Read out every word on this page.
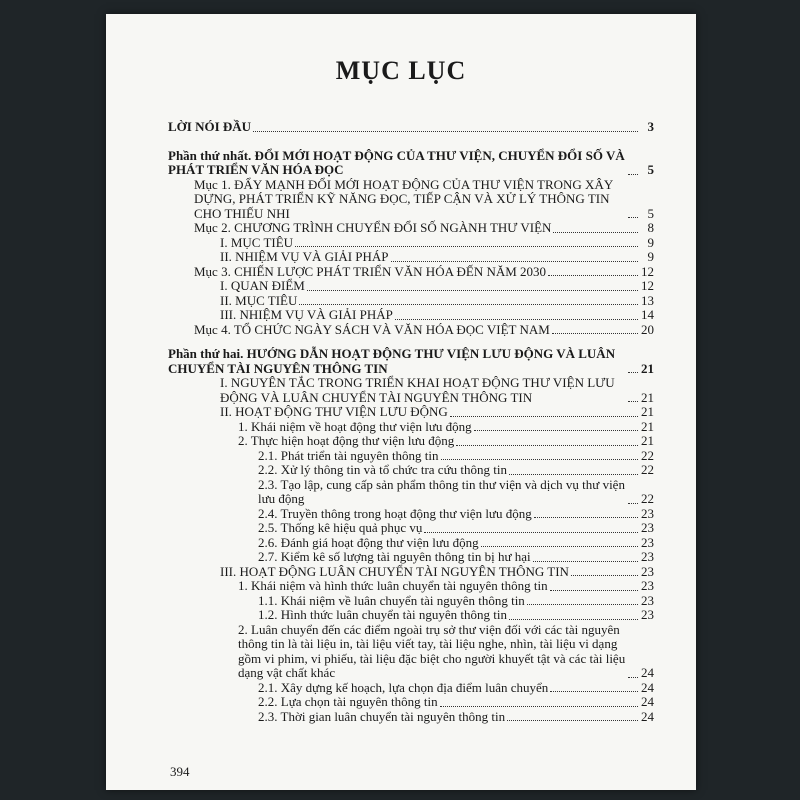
MỤC LỤC
LỜI NÓI ĐẦU	3
Phần thứ nhất. ĐỔI MỚI HOẠT ĐỘNG CỦA THƯ VIỆN, CHUYỂN ĐỔI SỐ VÀ PHÁT TRIỂN VĂN HÓA ĐỌC	5
Mục 1. ĐẨY MẠNH ĐỔI MỚI HOẠT ĐỘNG CỦA THƯ VIỆN TRONG XÂY DỰNG, PHÁT TRIỂN KỸ NĂNG ĐỌC, TIẾP CẬN VÀ XỬ LÝ THÔNG TIN CHO THIẾU NHI	5
Mục 2. CHƯƠNG TRÌNH CHUYỂN ĐỔI SỐ NGÀNH THƯ VIỆN	8
I. MỤC TIÊU	9
II. NHIỆM VỤ VÀ GIẢI PHÁP	9
Mục 3. CHIẾN LƯỢC PHÁT TRIỂN VĂN HÓA ĐẾN NĂM 2030	12
I. QUAN ĐIỂM	12
II. MỤC TIÊU	13
III. NHIỆM VỤ VÀ GIẢI PHÁP	14
Mục 4. TỔ CHỨC NGÀY SÁCH VÀ VĂN HÓA ĐỌC VIỆT NAM	20
Phần thứ hai. HƯỚNG DẪN HOẠT ĐỘNG THƯ VIỆN LƯU ĐỘNG VÀ LUÂN CHUYỂN TÀI NGUYÊN THÔNG TIN	21
I. NGUYÊN TẮC TRONG TRIỂN KHAI HOẠT ĐỘNG THƯ VIỆN LƯU ĐỘNG VÀ LUÂN CHUYỂN TÀI NGUYÊN THÔNG TIN	21
II. HOẠT ĐỘNG THƯ VIỆN LƯU ĐỘNG	21
1. Khái niệm về hoạt động thư viện lưu động	21
2. Thực hiện hoạt động thư viện lưu động	21
2.1. Phát triển tài nguyên thông tin	22
2.2. Xử lý thông tin và tổ chức tra cứu thông tin	22
2.3. Tạo lập, cung cấp sản phẩm thông tin thư viện và dịch vụ thư viện lưu động	22
2.4. Truyền thông trong hoạt động thư viện lưu động	23
2.5. Thống kê hiệu quả phục vụ	23
2.6. Đánh giá hoạt động thư viện lưu động	23
2.7. Kiểm kê số lượng tài nguyên thông tin bị hư hại	23
III. HOẠT ĐỘNG LUÂN CHUYỂN TÀI NGUYÊN THÔNG TIN	23
1. Khái niệm và hình thức luân chuyển tài nguyên thông tin	23
1.1. Khái niệm về luân chuyển tài nguyên thông tin	23
1.2. Hình thức luân chuyển tài nguyên thông tin	23
2. Luân chuyển đến các điểm ngoài trụ sở thư viện đối với các tài nguyên thông tin là tài liệu in, tài liệu viết tay, tài liệu nghe, nhìn, tài liệu vi dạng gồm vi phim, vi phiếu, tài liệu đặc biệt cho người khuyết tật và các tài liệu dạng vật chất khác	24
2.1. Xây dựng kế hoạch, lựa chọn địa điểm luân chuyển	24
2.2. Lựa chọn tài nguyên thông tin	24
2.3. Thời gian luân chuyển tài nguyên thông tin	24
394
